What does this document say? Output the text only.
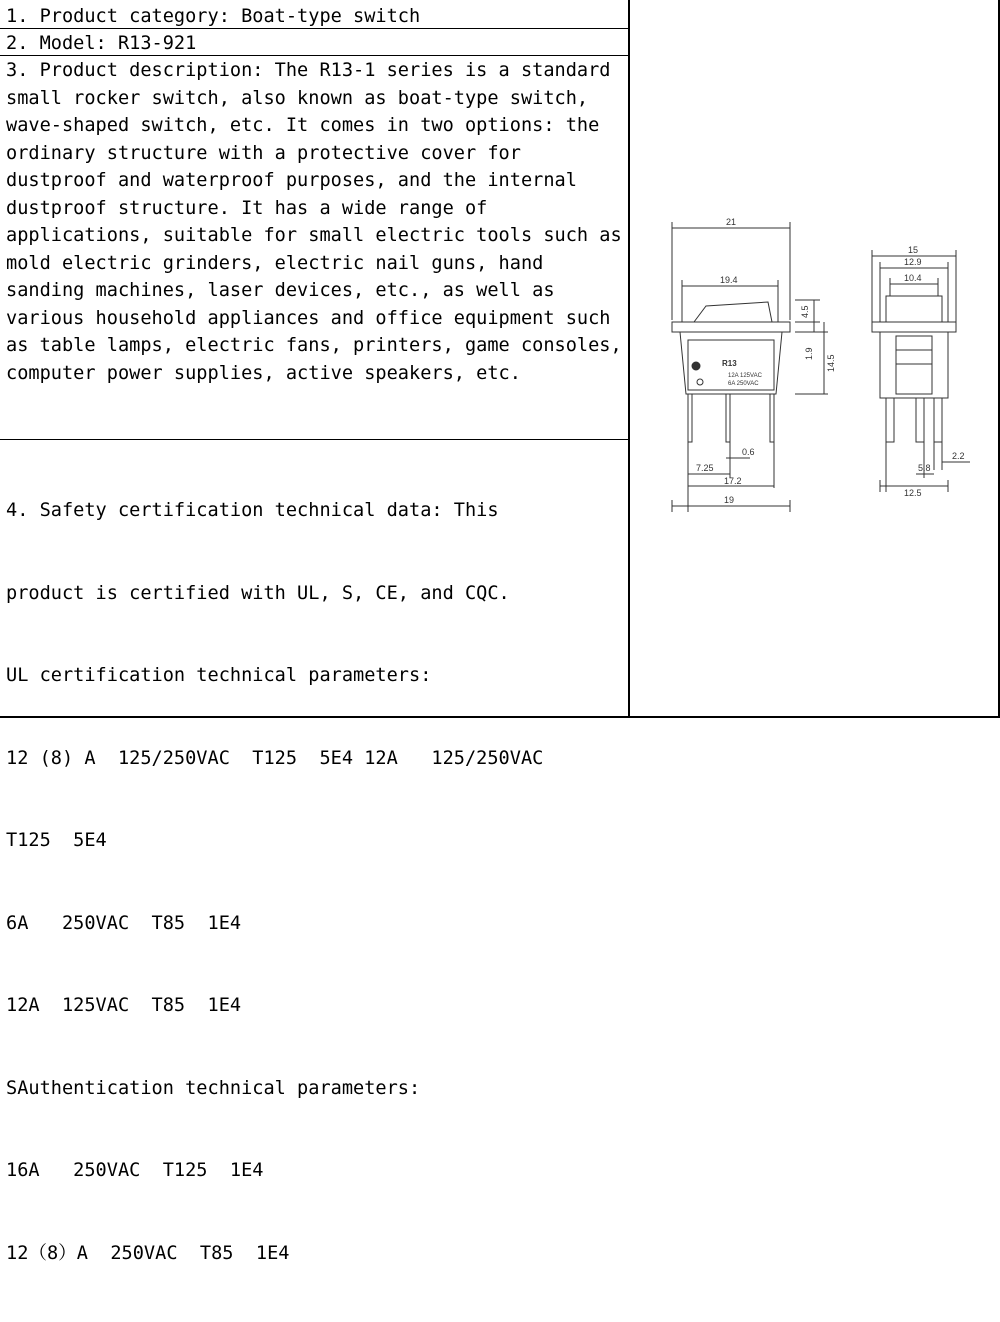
1. Product category: Boat-type switch
2. Model: R13-921
3. Product description: The R13-1 series is a standard small rocker switch, also known as boat-type switch, wave-shaped switch, etc. It comes in two options: the ordinary structure with a protective cover for dustproof and waterproof purposes, and the internal dustproof structure. It has a wide range of applications, suitable for small electric tools such as mold electric grinders, electric nail guns, hand sanding machines, laser devices, etc., as well as various household appliances and office equipment such as table lamps, electric fans, printers, game consoles, computer power supplies, active speakers, etc.

4. Safety certification technical data: This

product is certified with UL, S, CE, and CQC.

UL certification technical parameters:

12 (8) A  125/250VAC  T125  5E4 12A   125/250VAC

T125  5E4

6A   250VAC  T85  1E4

12A  125VAC  T85  1E4

SAuthentication technical parameters:

16A   250VAC  T125  1E4

12（8）A  250VAC  T85  1E4

21
19.4
4.5
1.9
14.5
R13
12A 125VAC
6A 250VAC
0.6
7.25
17.2
19
15
12.9
10.4
5.8
2.2
12.5
